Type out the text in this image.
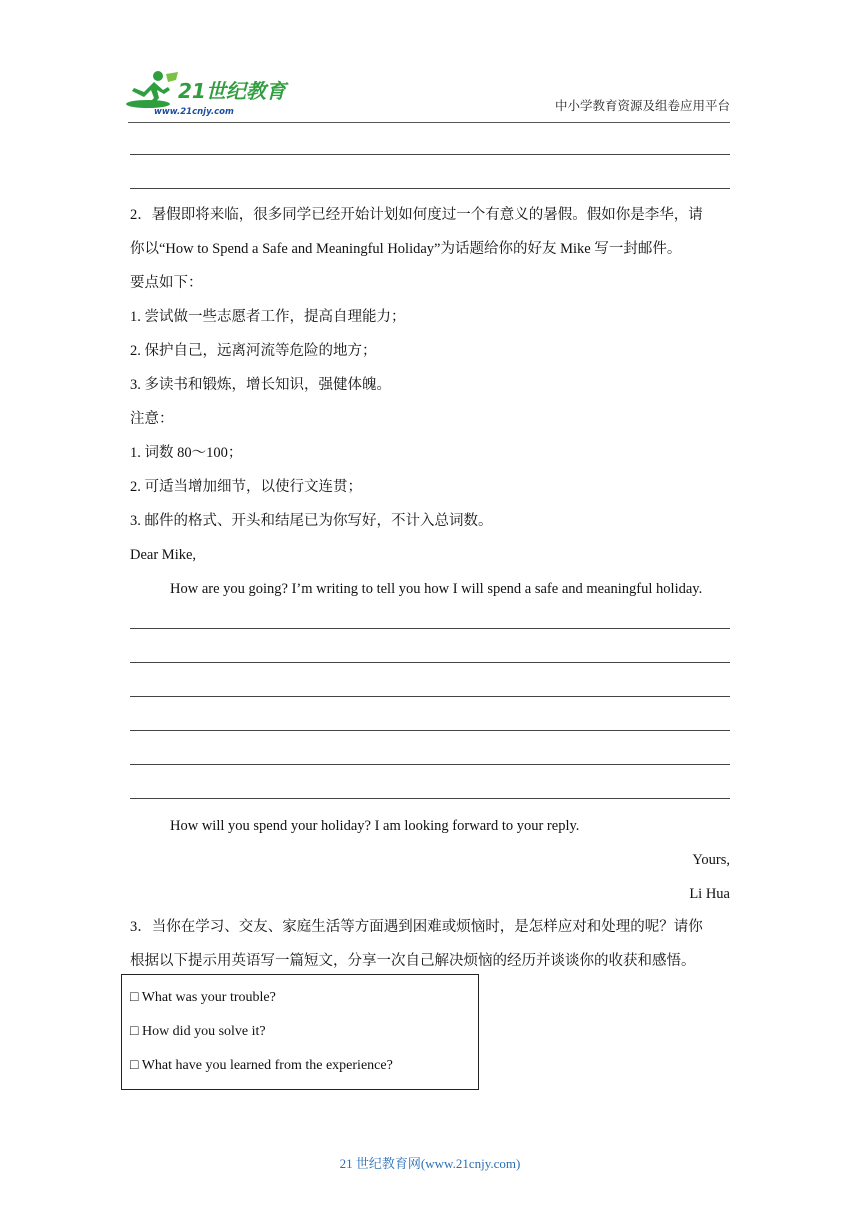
21世纪教育
www.21cnjy.com	中小学教育资源及组卷应用平台
2．暑假即将来临，很多同学已经开始计划如何度过一个有意义的暑假。假如你是李华，请
你以“How to Spend a Safe and Meaningful Holiday”为话题给你的好友 Mike 写一封邮件。
要点如下：
1. 尝试做一些志愿者工作，提高自理能力；
2. 保护自己，远离河流等危险的地方；
3. 多读书和锻炼，增长知识，强健体魄。
注意：
1. 词数 80～100；
2. 可适当增加细节，以使行文连贯；
3. 邮件的格式、开头和结尾已为你写好，不计入总词数。
Dear Mike,
How are you going? I’m writing to tell you how I will spend a safe and meaningful holiday.
How will you spend your holiday? I am looking forward to your reply.
Yours,
Li Hua
3．当你在学习、交友、家庭生活等方面遇到困难或烦恼时，是怎样应对和处理的呢？请你
根据以下提示用英语写一篇短文，分享一次自己解决烦恼的经历并谈谈你的收获和感悟。
□ What was your trouble?
□ How did you solve it?
□ What have you learned from the experience?
21 世纪教育网(www.21cnjy.com)
